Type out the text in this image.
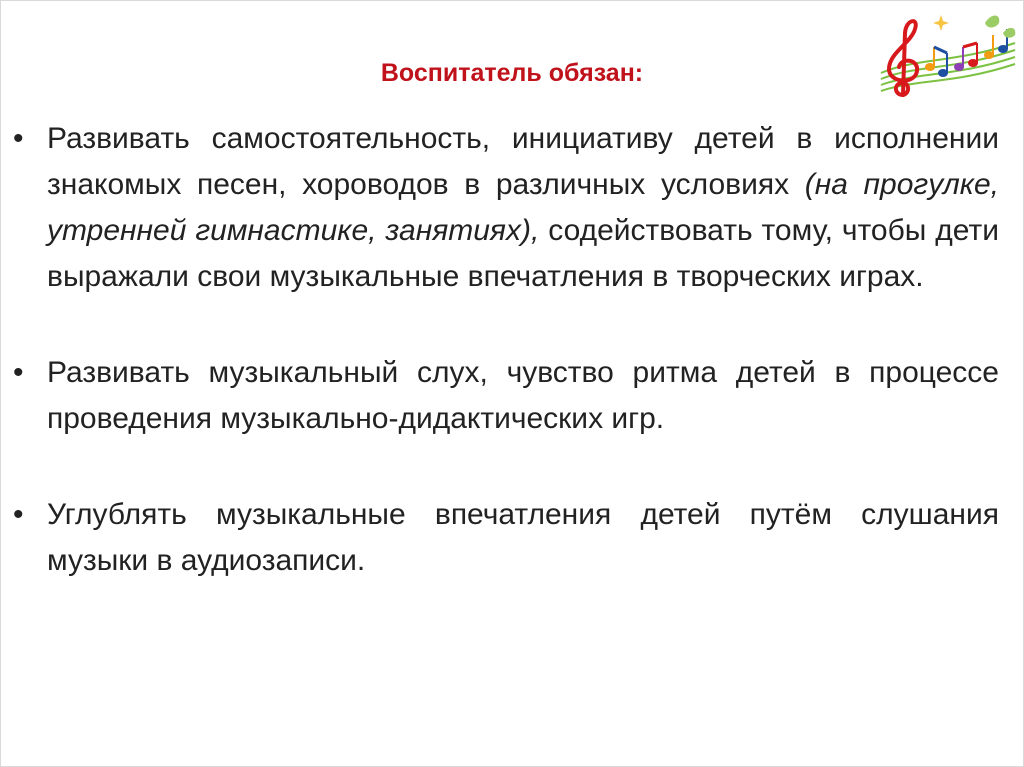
Воспитатель обязан:
• Развивать самостоятельность, инициативу детей в исполнении знакомых песен, хороводов в различных условиях (на прогулке, утренней гимнастике, занятиях), содействовать тому, чтобы дети выражали свои музыкальные впечатления в творческих играх.
• Развивать музыкальный слух, чувство ритма детей в процессе проведения музыкально-дидактических игр.
• Углублять музыкальные впечатления детей путём слушания музыки в аудиозаписи.
